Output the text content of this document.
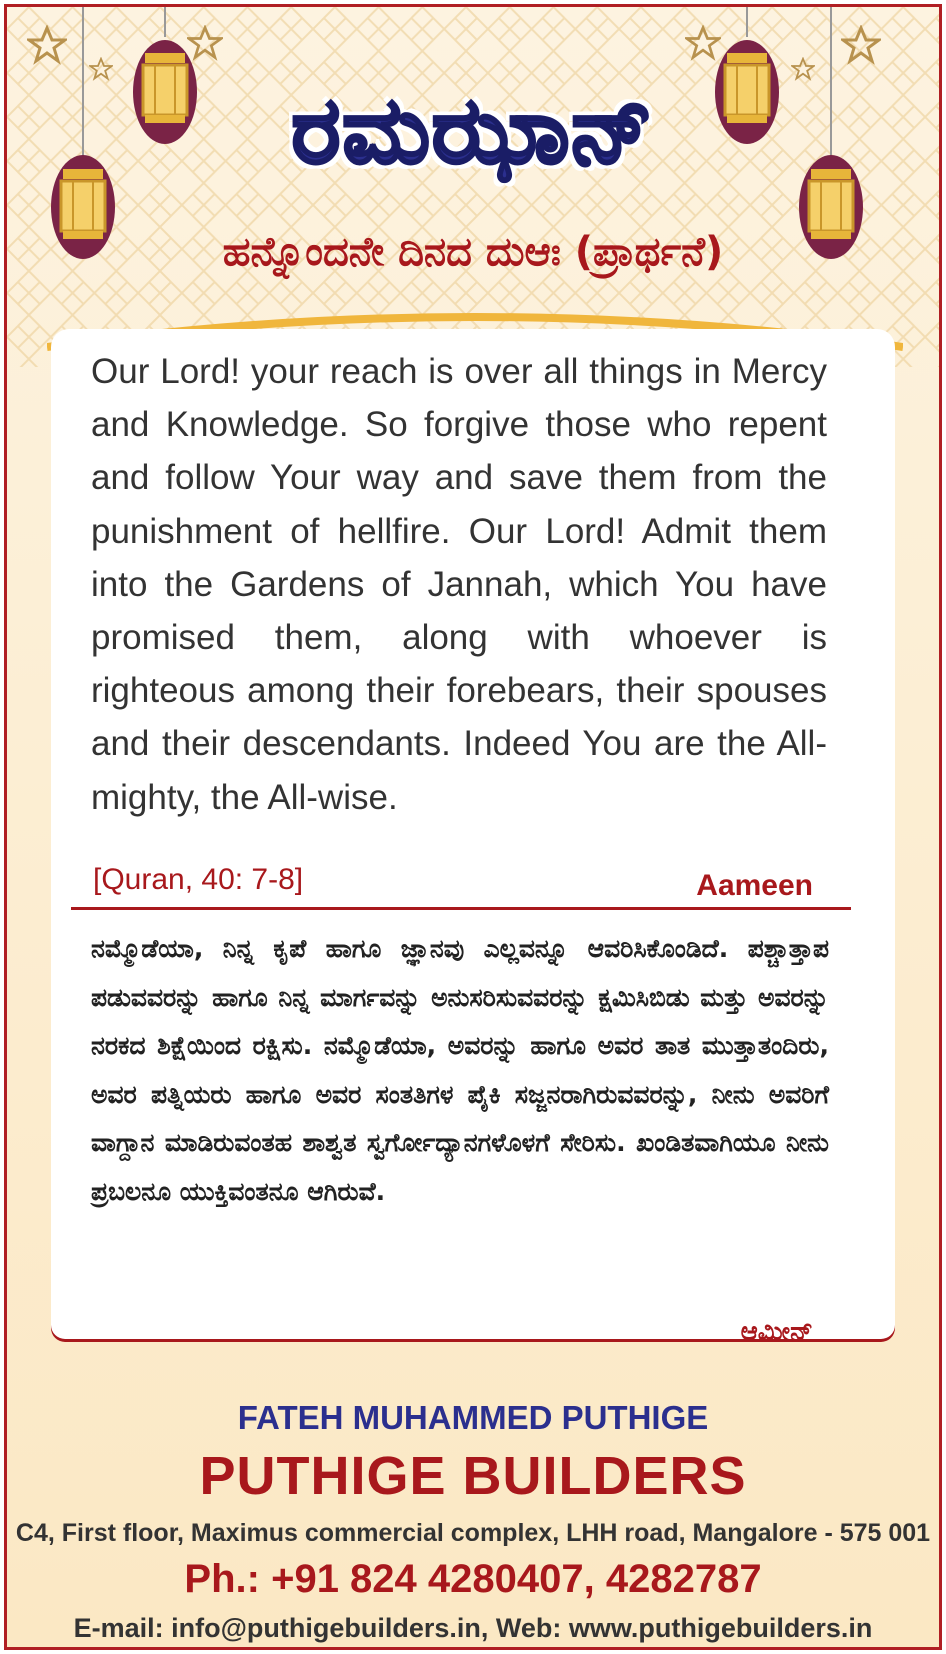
ರಮಝಾನ್
ಹನ್ನೊಂದನೇ ದಿನದ ದುಆಃ (ಪ್ರಾರ್ಥನೆ)
Our Lord! your reach is over all things in Mercy and Knowledge. So forgive those who repent and follow Your way and save them from the punishment of hellfire. Our Lord! Admit them into the Gardens of Jannah, which You have promised them, along with whoever is righteous among their forebears, their spouses and their descendants. Indeed You are the All-mighty, the All-wise.
[Quran, 40: 7-8]	Aameen
ನಮ್ಮೊಡೆಯಾ, ನಿನ್ನ ಕೃಪೆ ಹಾಗೂ ಜ್ಞಾನವು ಎಲ್ಲವನ್ನೂ ಆವರಿಸಿಕೊಂಡಿದೆ. ಪಶ್ಚಾತ್ತಾಪ ಪಡುವವರನ್ನು ಹಾಗೂ ನಿನ್ನ ಮಾರ್ಗವನ್ನು ಅನುಸರಿಸುವವರನ್ನು ಕ್ಷಮಿಸಿಬಿಡು ಮತ್ತು ಅವರನ್ನು ನರಕದ ಶಿಕ್ಷೆಯಿಂದ ರಕ್ಷಿಸು. ನಮ್ಮೊಡೆಯಾ, ಅವರನ್ನು ಹಾಗೂ ಅವರ ತಾತ ಮುತ್ತಾತಂದಿರು, ಅವರ ಪತ್ನಿಯರು ಹಾಗೂ ಅವರ ಸಂತತಿಗಳ ಪೈಕಿ ಸಜ್ಜನರಾಗಿರುವವರನ್ನು, ನೀನು ಅವರಿಗೆ ವಾಗ್ದಾನ ಮಾಡಿರುವಂತಹ ಶಾಶ್ವತ ಸ್ವರ್ಗೋದ್ಯಾನಗಳೊಳಗೆ ಸೇರಿಸು. ಖಂಡಿತವಾಗಿಯೂ ನೀನು ಪ್ರಬಲನೂ ಯುಕ್ತಿವಂತನೂ ಆಗಿರುವೆ.
ಆಮೀನ್
FATEH MUHAMMED PUTHIGE
PUTHIGE BUILDERS
C4, First floor, Maximus commercial complex, LHH road, Mangalore - 575 001
Ph.: +91 824 4280407, 4282787
E-mail: info@puthigebuilders.in, Web: www.puthigebuilders.in
